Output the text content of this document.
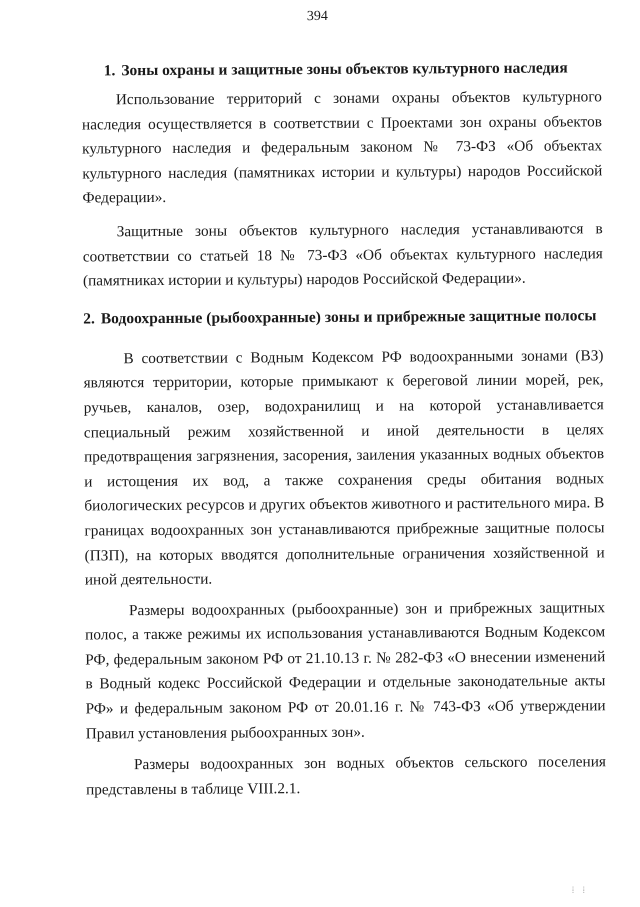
394
1. Зоны охраны и защитные зоны объектов культурного наследия

Использование территорий с зонами охраны объектов культурного наследия осуществляется в соответствии с Проектами зон охраны объектов культурного наследия и федеральным законом № 73-ФЗ «Об объектах культурного наследия (памятниках истории и культуры) народов Российской Федерации».

Защитные зоны объектов культурного наследия устанавливаются в соответствии со статьей 18 № 73-ФЗ «Об объектах культурного наследия (памятниках истории и культуры) народов Российской Федерации».

2. Водоохранные (рыбоохранные) зоны и прибрежные защитные полосы

В соответствии с Водным Кодексом РФ водоохранными зонами (ВЗ) являются территории, которые примыкают к береговой линии морей, рек, ручьев, каналов, озер, водохранилищ и на которой устанавливается специальный режим хозяйственной и иной деятельности в целях предотвращения загрязнения, засорения, заиления указанных водных объектов и истощения их вод, а также сохранения среды обитания водных биологических ресурсов и других объектов животного и растительного мира. В границах водоохранных зон устанавливаются прибрежные защитные полосы (ПЗП), на которых вводятся дополнительные ограничения хозяйственной и иной деятельности.

Размеры водоохранных (рыбоохранные) зон и прибрежных защитных полос, а также режимы их использования устанавливаются Водным Кодексом РФ, федеральным законом РФ от 21.10.13 г. № 282-ФЗ «О внесении изменений в Водный кодекс Российской Федерации и отдельные законодательные акты РФ» и федеральным законом РФ от 20.01.16 г. № 743-ФЗ «Об утверждении Правил установления рыбоохранных зон».

Размеры водоохранных зон водных объектов сельского поселения представлены в таблице VIII.2.1.

⁞ ⁞
